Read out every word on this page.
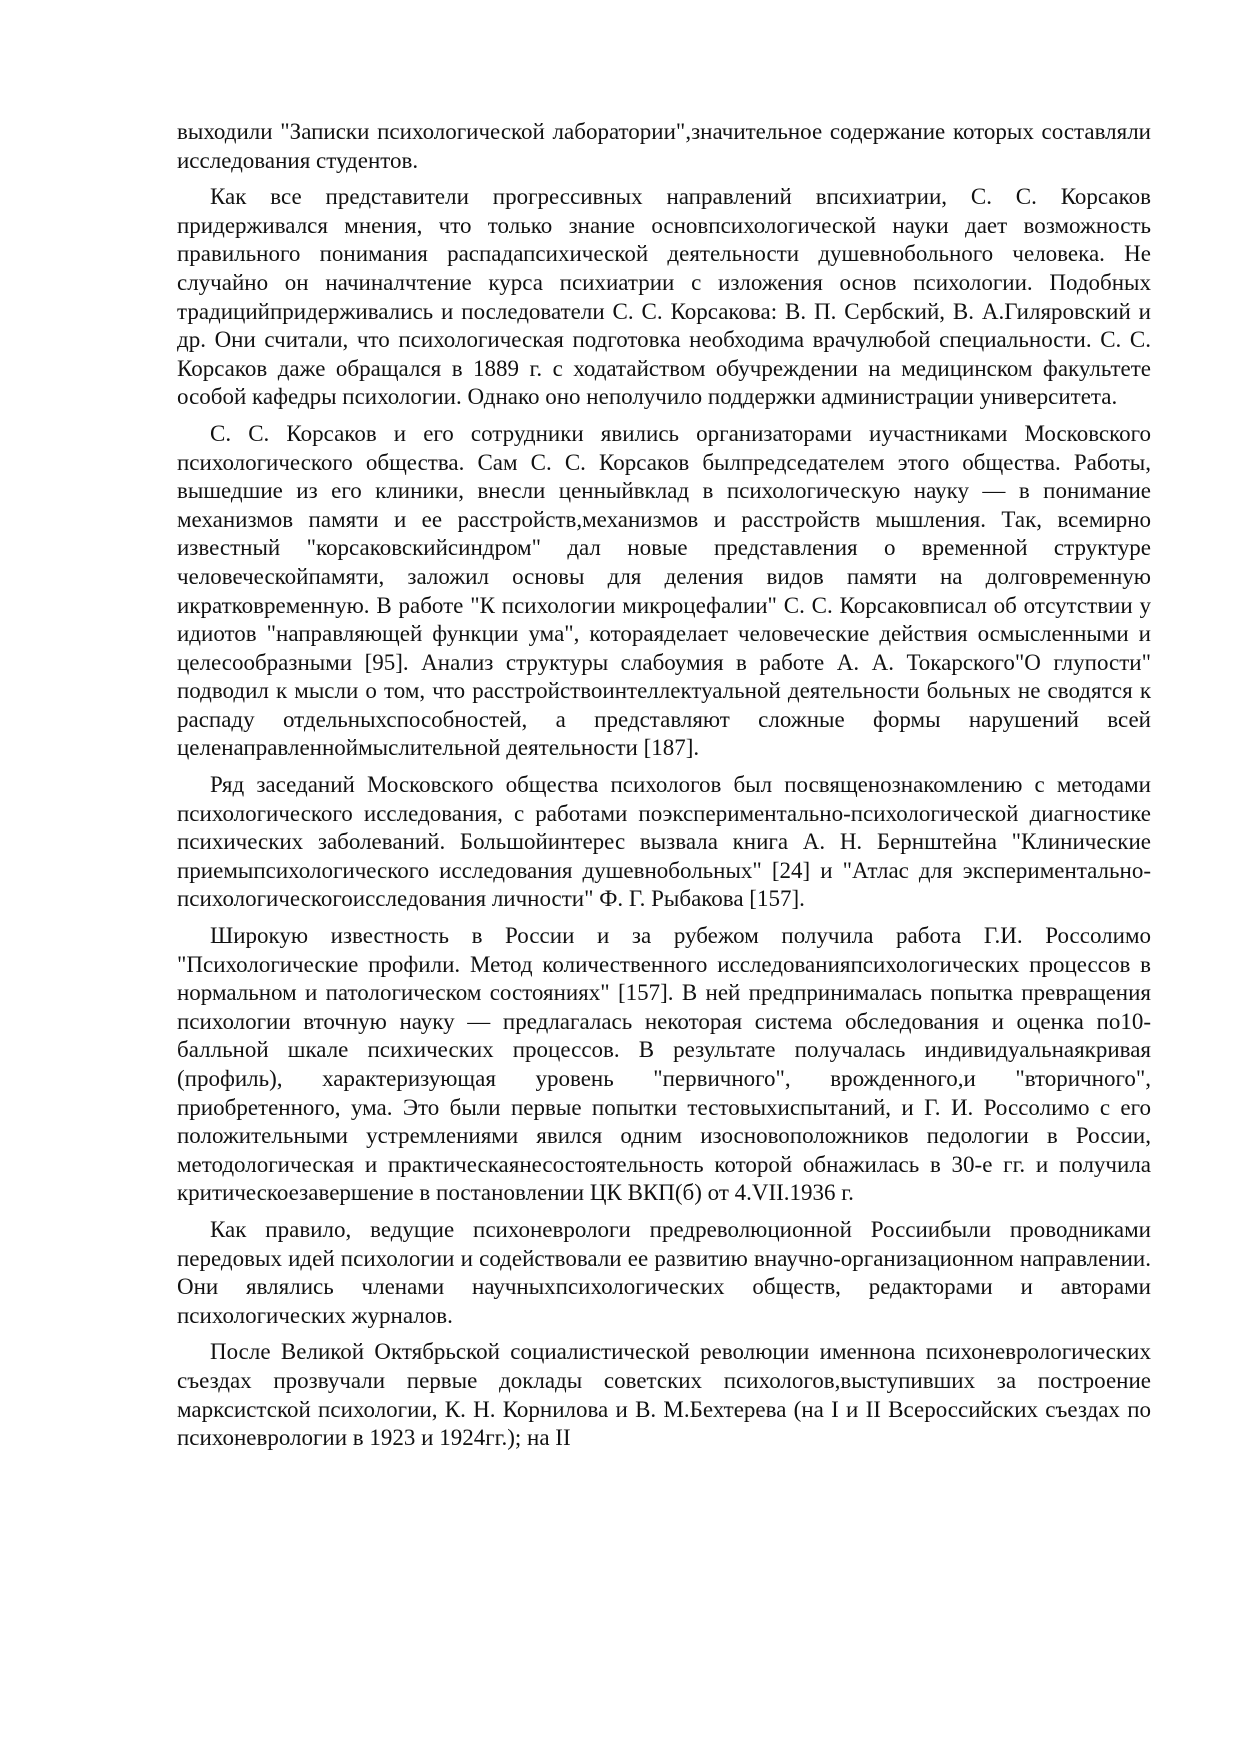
выходили "Записки психологической лаборатории",значительное содержание которых составляли исследования студентов.

Как все представители прогрессивных направлений впсихиатрии, С. С. Корсаков придерживался мнения, что только знание основпсихологической науки дает возможность правильного понимания распадапсихической деятельности душевнобольного человека. Не случайно он начиналчтение курса психиатрии с изложения основ психологии. Подобных традицийпридерживались и последователи С. С. Корсакова: В. П. Сербский, В. А.Гиляровский и др. Они считали, что психологическая подготовка необходима врачулюбой специальности. С. С. Корсаков даже обращался в 1889 г. с ходатайством обучреждении на медицинском факультете особой кафедры психологии. Однако оно неполучило поддержки администрации университета.

С. С. Корсаков и его сотрудники явились организаторами иучастниками Московского психологического общества. Сам С. С. Корсаков былпредседателем этого общества. Работы, вышедшие из его клиники, внесли ценныйвклад в психологическую науку — в понимание механизмов памяти и ее расстройств,механизмов и расстройств мышления. Так, всемирно известный "корсаковскийсиндром" дал новые представления о временной структуре человеческойпамяти, заложил основы для деления видов памяти на долговременную икратковременную. В работе "К психологии микроцефалии" С. С. Корсаковписал об отсутствии у идиотов "направляющей функции ума", котораяделает человеческие действия осмысленными и целесообразными [95]. Анализ структуры слабоумия в работе А. А. Токарского"О глупости" подводил к мысли о том, что расстройствоинтеллектуальной деятельности больных не сводятся к распаду отдельныхспособностей, а представляют сложные формы нарушений всей целенаправленноймыслительной деятельности [187].

Ряд заседаний Московского общества психологов был посвященознакомлению с методами психологического исследования, с работами поэкспериментально-психологической диагностике психических заболеваний. Большойинтерес вызвала книга А. Н. Бернштейна "Клинические приемыпсихологического исследования душевнобольных" [24] и "Атлас для экспериментально- психологическогоисследования личности" Ф. Г. Рыбакова [157].

Широкую известность в России и за рубежом получила работа Г.И. Россолимо "Психологические профили. Метод количественного исследованияпсихологических процессов в нормальном и патологическом состояниях" [157]. В ней предпринималась попытка превращения психологии вточную науку — предлагалась некоторая система обследования и оценка по10-балльной шкале психических процессов. В результате получалась индивидуальнаякривая (профиль), характеризующая уровень "первичного", врожденного,и "вторичного", приобретенного, ума. Это были первые попытки тестовыхиспытаний, и Г. И. Россолимо с его положительными устремлениями явился одним изосновоположников педологии в России, методологическая и практическаянесостоятельность которой обнажилась в 30-е гг. и получила критическоезавершение в постановлении ЦК ВКП(б) от 4.VII.1936 г.

Как правило, ведущие психоневрологи предреволюционной Россиибыли проводниками передовых идей психологии и содействовали ее развитию внаучно-организационном направлении. Они являлись членами научныхпсихологических обществ, редакторами и авторами психологических журналов.

После Великой Октябрьской социалистической революции именнона психоневрологических съездах прозвучали первые доклады советских психологов,выступивших за построение марксистской психологии, К. Н. Корнилова и В. М.Бехтерева (на I и II Всероссийских съездах по психоневрологии в 1923 и 1924гг.); на II
